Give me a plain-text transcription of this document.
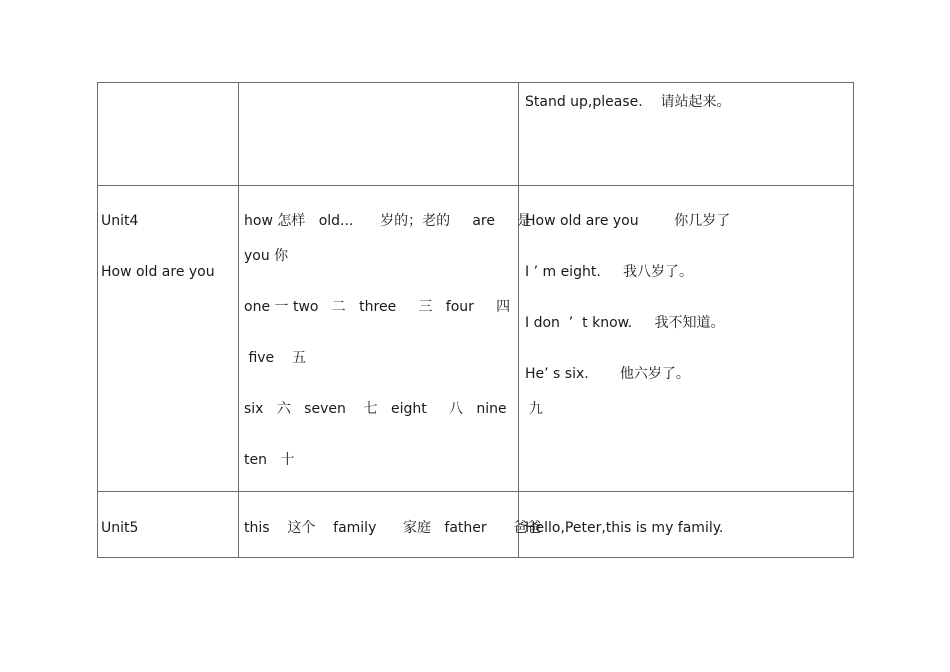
Stand up,please.    请站起来。
Unit4
How old are you
how 怎样   old...      岁的；老的     are     是
you 你
one 一 two   二   three     三   four     四
five    五
six   六   seven    七   eight     八   nine     九
ten   十
How old are you        你几岁了
I ’ m eight.     我八岁了。
I don  ’  t know.     我不知道。
He’ s six.       他六岁了。
Unit5	this    这个    family      家庭   father      爸爸
Hello,Peter,this is my family.
